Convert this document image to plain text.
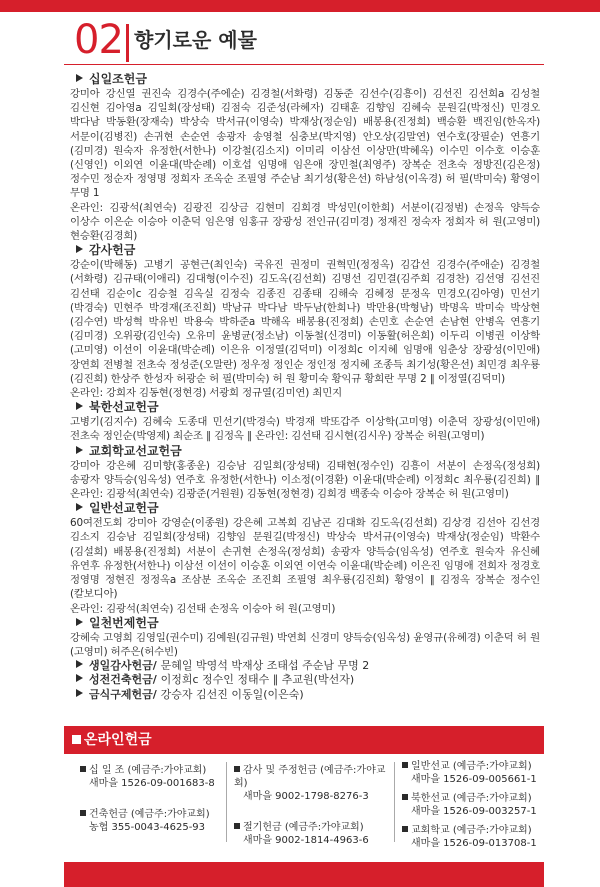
02 향기로운 예물
십일조헌금
강미아 강신열 권진숙 김경수(주에순) 김경철(서화령) 김동준 김선수(김흥이) 김선진 김선희a 김성철 김신현 김아영a 김일회(장성태) 김점숙 김준성(라혜자) 김태훈 김향임 김혜숙 문원길(박정신) 민경오 박다남 박동환(장재숙) 박상숙 박서규(이영숙) 박재상(정순임) 배봉용(진정희) 백승환 백진임(한옥자) 서문이(김병진) 손귀현 손순연 송광자 송영철 심충보(박지영) 안오상(김말연) 연수호(장필순) 연흥기(김미경) 원숙자 유정한(서한나) 이강철(김소지) 이미리 이삼선 이상만(박혜옥) 이수민 이수호 이승훈(신영인) 이외연 이윤대(박순례) 이호섭 임명애 임은애 장민철(최영주) 장복순 전초숙 정방진(김은정) 정수민 정순자 정영명 정희자 조옥순 조필영 주순남 최기성(황은선) 하남성(이옥경) 허 필(박미숙) 황영이 무명 1
온라인: 김광석(최연숙) 김광진 김상금 김현미 김희경 박성민(이한희) 서분이(김정범) 손정옥 양득승 이상수 이은순 이승아 이춘덕 임은영 임홍규 장광성 전인규(김미경) 정재진 정숙자 정희자 허 원(고영미) 현승환(김경희)
감사헌금
강순이(박해동) 고병기 공현근(최인숙) 국유진 권정미 권혁민(정정옥) 김갑선 김경수(주애순) 김경철(서화령) 김규태(이애리) 김대형(이수진) 김도옥(김선희) 김명선 김민결(김주희 김경찬) 김선영 김선진 김선태 김순이c 김승철 김옥실 김정숙 김종진 김종태 김해숙 김혜정 문정옥 민경오(김아영) 민선기(박경숙) 민현주 박경재(조진희) 박남규 박다남 박두남(한희나) 박만용(박형남) 박명옥 박미숙 박상현(김수연) 박성혁 박유빈 박용숙 박하준a 박해옥 배봉용(진정희) 손민호 손순연 손남현 안병옥 연흥기(김미경) 오위광(김인숙) 오유미 윤병균(정소남) 이동철(신경미) 이동활(허은희) 이두리 이병권 이상학(고미영) 이선이 이윤대(박순례) 이은유 이정열(김덕미) 이정희c 이지혜 임명애 임춘상 장광성(이민애) 장연희 전병철 전초숙 정성준(오말란) 정우정 정인순 정인정 정지혜 조종득 최기성(황은선) 최민경 최우룡(김진희) 한상주 한성자 허광순 허 필(박미숙) 허 원 황미숙 황익규 황희란 무명 2 ∥ 이정열(김덕미)
온라인: 강희자 김동현(정현경) 서광희 정규열(김미연) 최민지
북한선교헌금
고병기(김지수) 김혜숙 도종대 민선기(박경숙) 박경재 박또갑주 이상학(고미영) 이춘덕 장광성(이민애) 전초숙 정인순(박영제) 최순조 ∥ 김정옥 ∥ 온라인: 김선태 김시현(김시우) 장복순 허원(고영미)
교회학교선교헌금
강미아 강은혜 김미향(홍종운) 김승남 김일회(장성태) 김태현(정수인) 김흥이 서분이 손정옥(정성희) 송광자 양득승(임옥성) 연주호 유정한(서한나) 이소정(이경환) 이윤대(박순례) 이정희c 최우룡(김진희) ∥ 온라인: 김광석(최연숙) 김광준(거원원) 김동현(정현경) 김희경 백종숙 이승아 장복순 허 원(고영미)
일반선교헌금
60여전도회 강미아 강영순(이종원) 강은혜 고복희 김남곤 김대화 김도옥(김선희) 김상경 김선아 김선경 김소지 김승남 김일회(장성태) 김향임 문원길(박정신) 박상숙 박서규(이영숙) 박재상(정순임) 박환수(김설희) 배봉용(진정희) 서분이 손귀현 손정옥(정성희) 송광자 양득승(임옥성) 연주호 원숙자 유신혜 유연후 유정한(서한나) 이삼선 이선이 이승훈 이외연 이연숙 이윤대(박순례) 이은진 임명애 전희자 정경호 정영명 정현진 정정옥a 조삼분 조옥순 조진희 조필영 최우룡(김진희) 황영이 ∥ 김정옥 장복순 정수인(칼보디아)
온라인: 김광석(최연숙) 김선태 손정옥 이승아 허 원(고영미)
일천번제헌금
강혜숙 고영희 김영일(권수미) 김예원(김규원) 박연희 신경미 양득승(임옥성) 윤영규(유혜경) 이춘덕 허 원(고영미) 허주은(허수빈)
생일감사헌금/ 문혜일 박영석 박재상 조태섭 주순남 무명 2
성전건축헌금/ 이정희c 정수인 정태수 ∥ 추교원(박선자)
금식구제헌금/ 강승자 김선진 이동일(이은숙)
온라인헌금
십 일 조 (예금주:가야교회)
새마을 1526-09-001683-8
건축헌금 (예금주:가야교회)
농협 355-0043-4625-93
감사 및 주정헌금 (예금주:가야교회)
새마을 9002-1798-8276-3
절기헌금 (예금주:가야교회)
새마을 9002-1814-4963-6
일반선교 (예금주:가야교회)
새마을 1526-09-005661-1
북한선교 (예금주:가야교회)
새마을 1526-09-003257-1
교회학교 (예금주:가야교회)
새마을 1526-09-013708-1
